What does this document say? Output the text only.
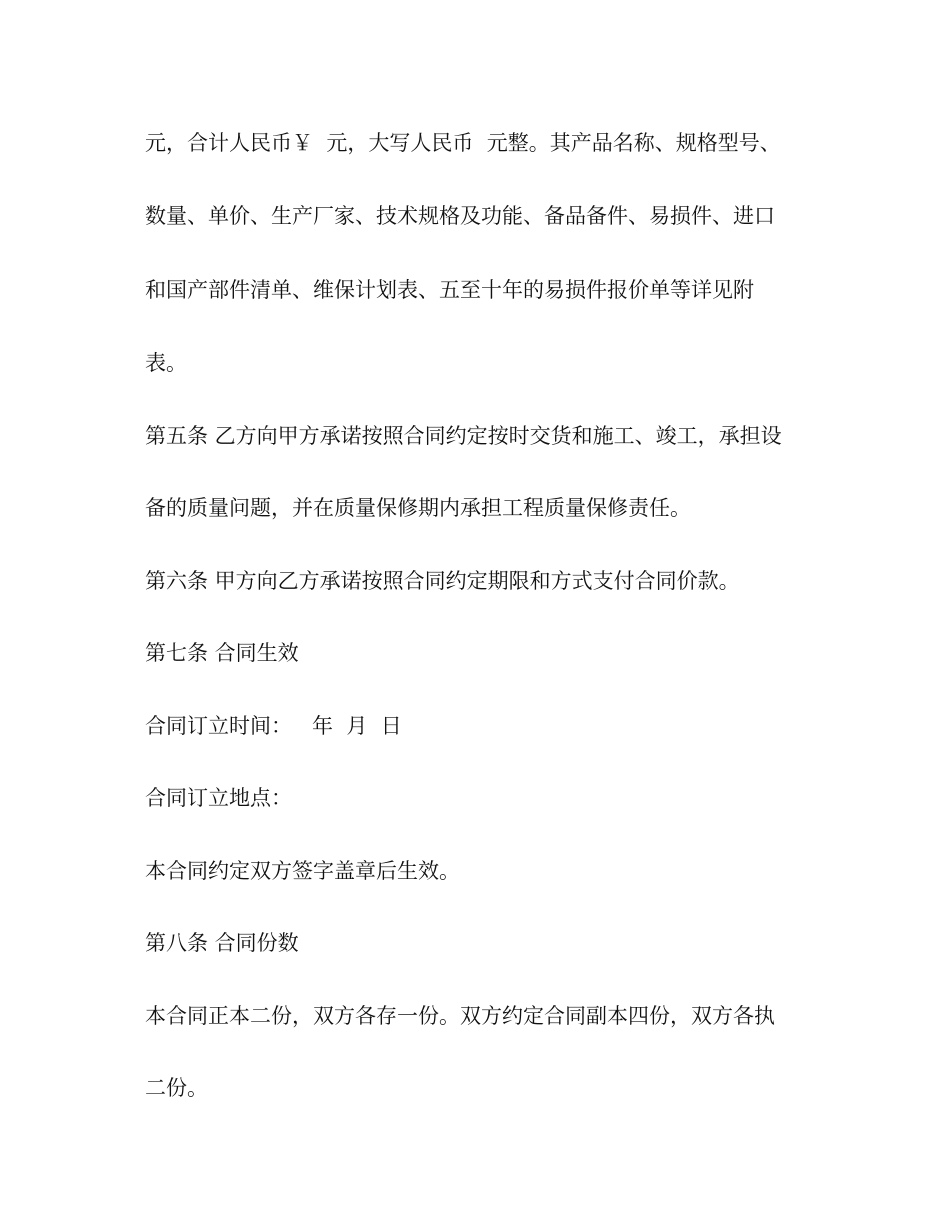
元，合计人民币￥  元，大写人民币  元整。其产品名称、规格型号、
数量、单价、生产厂家、技术规格及功能、备品备件、易损件、进口
和国产部件清单、维保计划表、五至十年的易损件报价单等详见附
表。
第五条 乙方向甲方承诺按照合同约定按时交货和施工、竣工，承担设
备的质量问题，并在质量保修期内承担工程质量保修责任。
第六条 甲方向乙方承诺按照合同约定期限和方式支付合同价款。
第七条 合同生效
合同订立时间：   年  月  日
合同订立地点：
本合同约定双方签字盖章后生效。
第八条 合同份数
本合同正本二份，双方各存一份。双方约定合同副本四份，双方各执
二份。
